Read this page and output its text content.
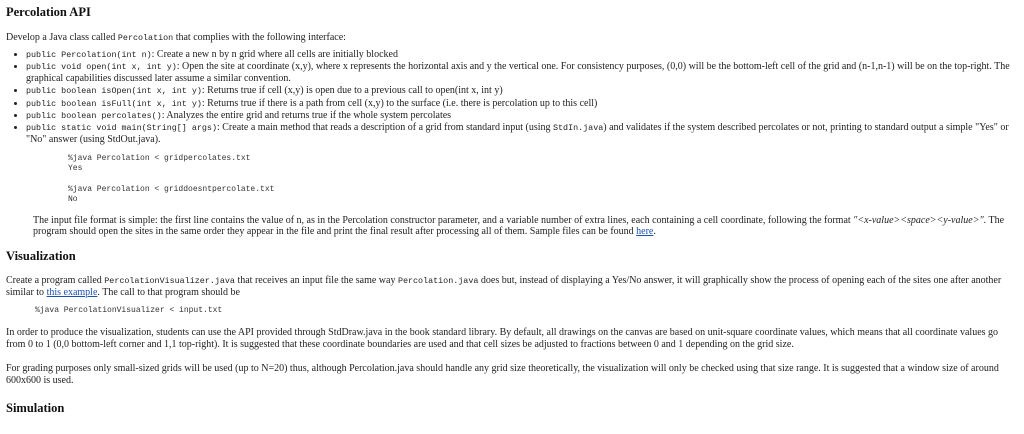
Percolation API

Develop a Java class called Percolation that complies with the following interface:

• public Percolation(int n): Create a new n by n grid where all cells are initially blocked
• public void open(int x, int y): Open the site at coordinate (x,y), where x represents the horizontal axis and y the vertical one. For consistency purposes, (0,0) will be the bottom-left cell of the grid and (n-1,n-1) will be on the top-right. The graphical capabilities discussed later assume a similar convention.
• public boolean isOpen(int x, int y): Returns true if cell (x,y) is open due to a previous call to open(int x, int y)
• public boolean isFull(int x, int y): Returns true if there is a path from cell (x,y) to the surface (i.e. there is percolation up to this cell)
• public boolean percolates(): Analyzes the entire grid and returns true if the whole system percolates
• public static void main(String[] args): Create a main method that reads a description of a grid from standard input (using StdIn.java) and validates if the system described percolates or not, printing to standard output a simple "Yes" or "No" answer (using StdOut.java).
%java Percolation < gridpercolates.txt
Yes
%java Percolation < griddoesntpercolate.txt
No

The input file format is simple: the first line contains the value of n, as in the Percolation constructor parameter, and a variable number of extra lines, each containing a cell coordinate, following the format "<x-value><space><y-value>". The program should open the sites in the same order they appear in the file and print the final result after processing all of them. Sample files can be found here.

Visualization

Create a program called PercolationVisualizer.java that receives an input file the same way Percolation.java does but, instead of displaying a Yes/No answer, it will graphically show the process of opening each of the sites one after another similar to this example. The call to that program should be

%java PercolationVisualizer < input.txt

In order to produce the visualization, students can use the API provided through StdDraw.java in the book standard library. By default, all drawings on the canvas are based on unit-square coordinate values, which means that all coordinate values go from 0 to 1 (0,0 bottom-left corner and 1,1 top-right). It is suggested that these coordinate boundaries are used and that cell sizes be adjusted to fractions between 0 and 1 depending on the grid size.

For grading purposes only small-sized grids will be used (up to N=20) thus, although Percolation.java should handle any grid size theoretically, the visualization will only be checked using that size range. It is suggested that a window size of around 600x600 is used.

Simulation
